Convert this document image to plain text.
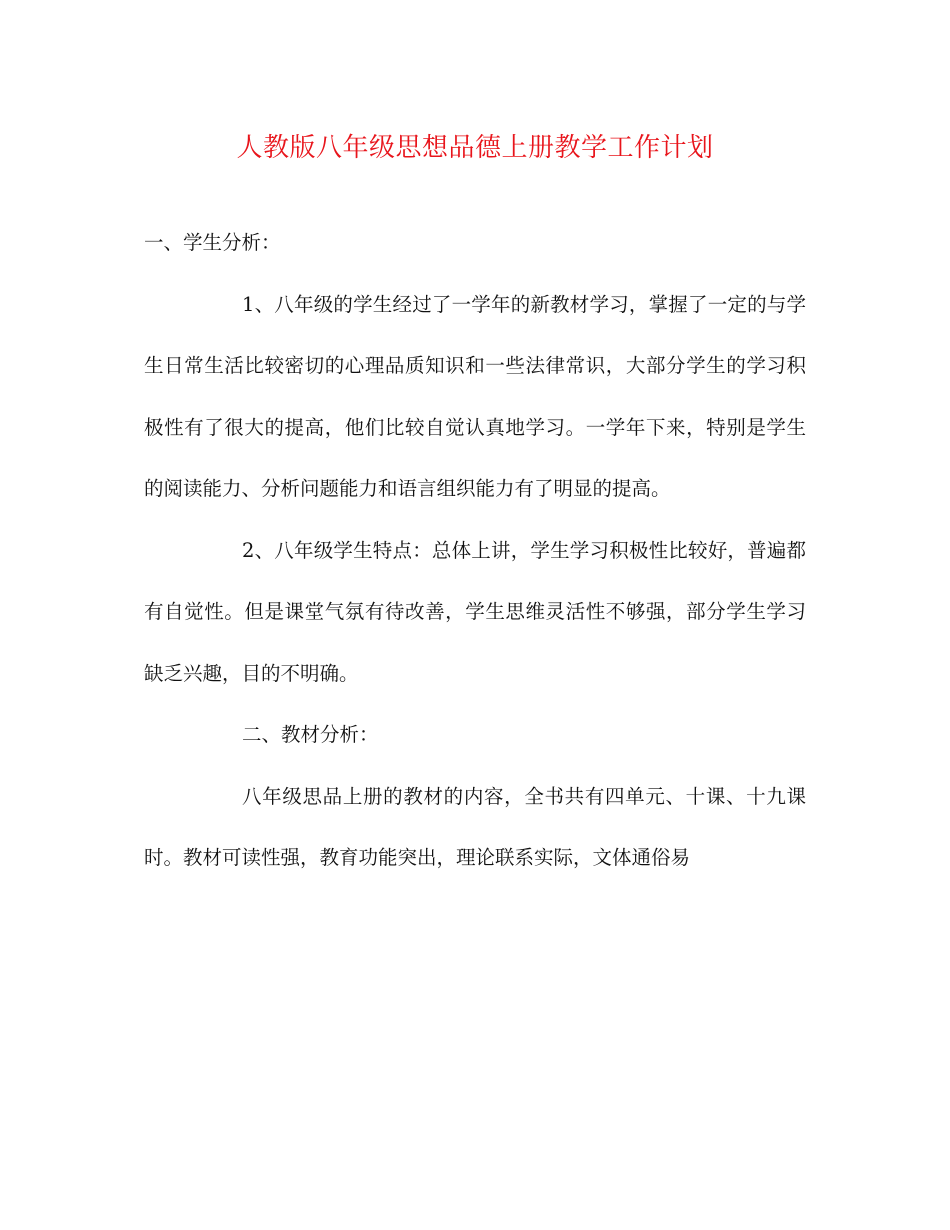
人教版八年级思想品德上册教学工作计划

一、学生分析：

1、八年级的学生经过了一学年的新教材学习，掌握了一定的与学生日常生活比较密切的心理品质知识和一些法律常识，大部分学生的学习积极性有了很大的提高，他们比较自觉认真地学习。一学年下来，特别是学生的阅读能力、分析问题能力和语言组织能力有了明显的提高。

2、八年级学生特点：总体上讲，学生学习积极性比较好，普遍都有自觉性。但是课堂气氛有待改善，学生思维灵活性不够强，部分学生学习缺乏兴趣，目的不明确。

二、教材分析：

八年级思品上册的教材的内容，全书共有四单元、十课、十九课时。教材可读性强，教育功能突出，理论联系实际，文体通俗易
